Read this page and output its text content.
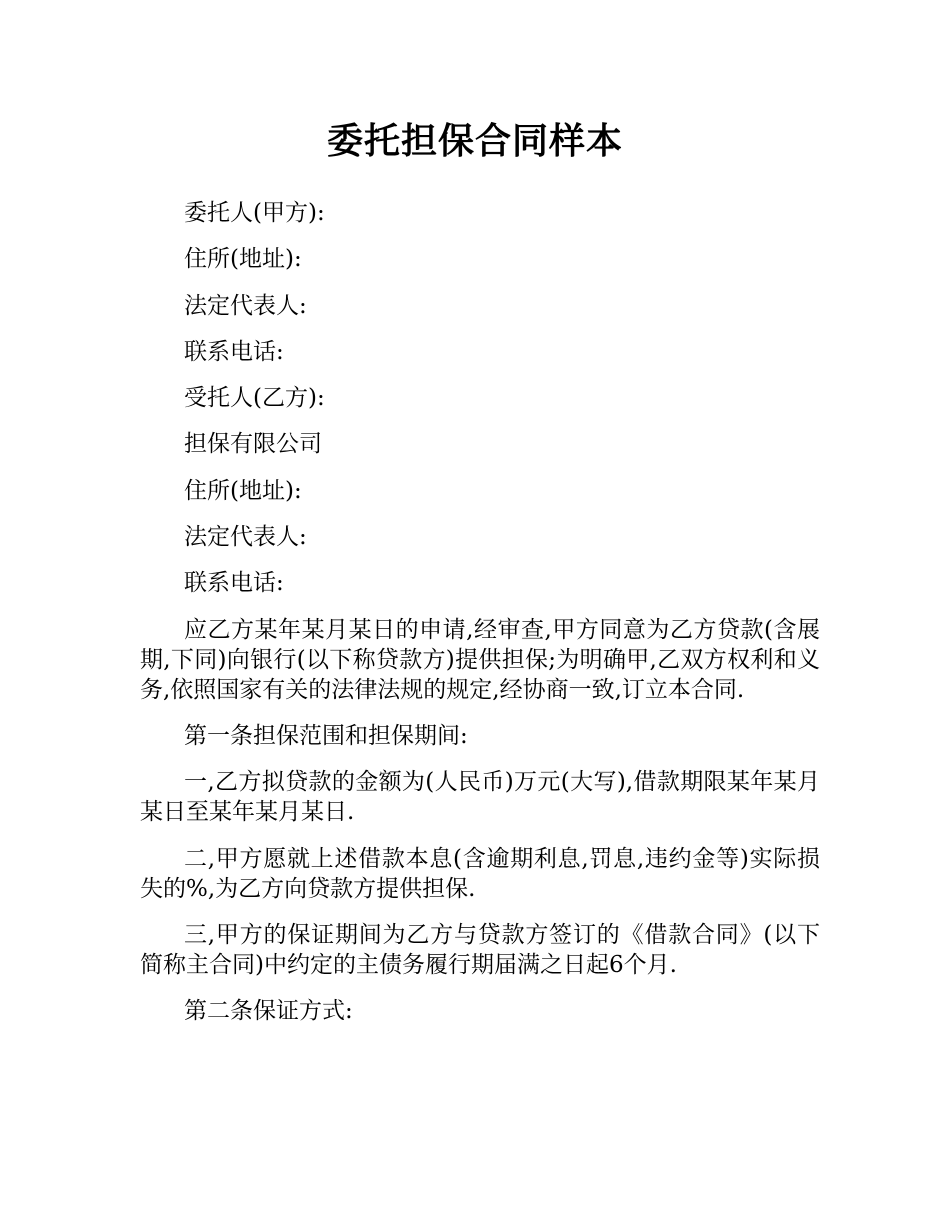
委托担保合同样本

委托人(甲方):

住所(地址):

法定代表人:

联系电话:

受托人(乙方):

担保有限公司

住所(地址):

法定代表人:

联系电话:

应乙方某年某月某日的申请,经审查,甲方同意为乙方贷款(含展期,下同)向银行(以下称贷款方)提供担保;为明确甲,乙双方权利和义务,依照国家有关的法律法规的规定,经协商一致,订立本合同.

第一条担保范围和担保期间:

一,乙方拟贷款的金额为(人民币)万元(大写),借款期限某年某月某日至某年某月某日.

二,甲方愿就上述借款本息(含逾期利息,罚息,违约金等)实际损失的%,为乙方向贷款方提供担保.

三,甲方的保证期间为乙方与贷款方签订的《借款合同》(以下简称主合同)中约定的主债务履行期届满之日起6个月.

第二条保证方式:
